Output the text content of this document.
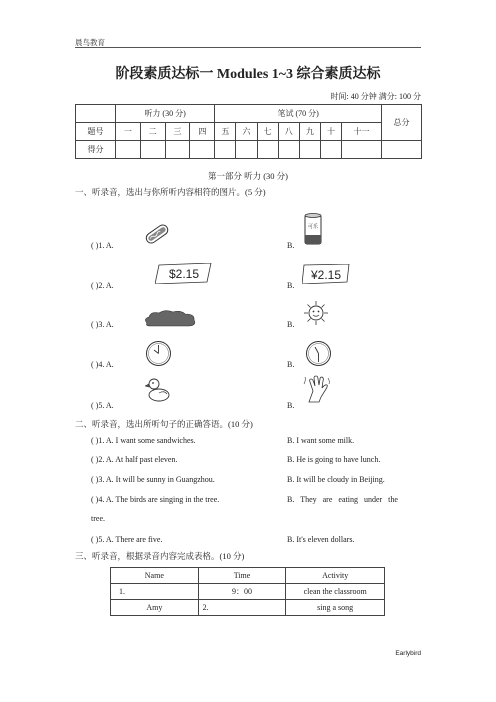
晨鸟教育
阶段素质达标一 Modules 1~3 综合素质达标
时间: 40 分钟 满分: 100 分
	听力 (30 分)				笔试 (70 分)							总分
题号	一	二	三	四	五	六	七	八	九	十	十一	
得分												
第一部分 听力 (30 分)
一、听录音，选出与你所听内容相符的图片。(5 分)
( )1. A.	B.
( )2. A.	B.
( )3. A.	B.
( )4. A.	B.
( )5. A.	B.
可乐
$2.15	¥2.15
二、听录音，选出所听句子的正确答语。(10 分)
( )1. A. I want some sandwiches.	B. I want some milk.
( )2. A. At half past eleven.	B. He is going to have lunch.
( )3. A. It will be sunny in Guangzhou.	B. It will be cloudy in Beijing.
( )4. A. The birds are singing in the tree.	B.   They   are   eating   under   the
tree.
( )5. A. There are five.	B. It's eleven dollars.
三、听录音，根据录音内容完成表格。(10 分)
Name	Time	Activity
1.	9：00	clean the classroom
Amy	2.	sing a song
Earlybird
